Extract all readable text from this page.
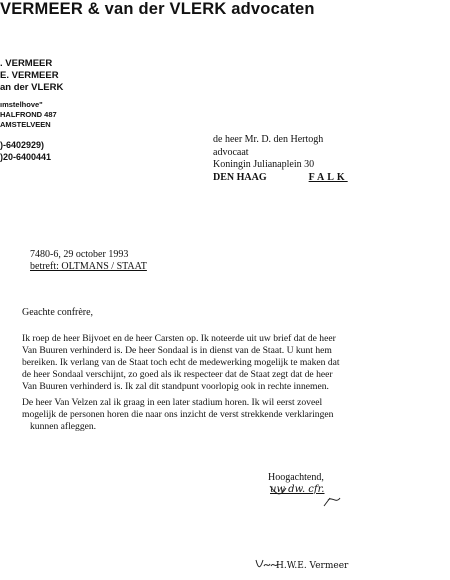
VERMEER & van der VLERK advocaten
. VERMEER
E. VERMEER
an der VLERK
ımstelhove"
HALFROND 487
AMSTELVEEN
)-6402929)
)20-6400441
de heer Mr. D. den Hertogh
advocaat
Koningin Julianaplein 30
DEN HAAG	FALK
7480-6, 29 october 1993
betreft: OLTMANS / STAAT
Geachte confrère,
Ik roep de heer Bijvoet en de heer Carsten op. Ik noteerde uit uw brief dat de heer
Van Buuren verhinderd is. De heer Sondaal is in dienst van de Staat. U kunt hem
bereiken. Ik verlang van de Staat toch echt de medewerking mogelijk te maken dat
de heer Sondaal verschijnt, zo goed als ik respecteer dat de Staat zegt dat de heer
Van Buuren verhinderd is. Ik zal dit standpunt voorlopig ook in rechte innemen.
De heer Van Velzen zal ik graag in een later stadium horen. Ik wil eerst zoveel
mogelijk de personen horen die naar ons inzicht de verst strekkende verklaringen
kunnen afleggen.
Hoogachtend,
uw dw. cfr.
H.W.E. Vermeer
